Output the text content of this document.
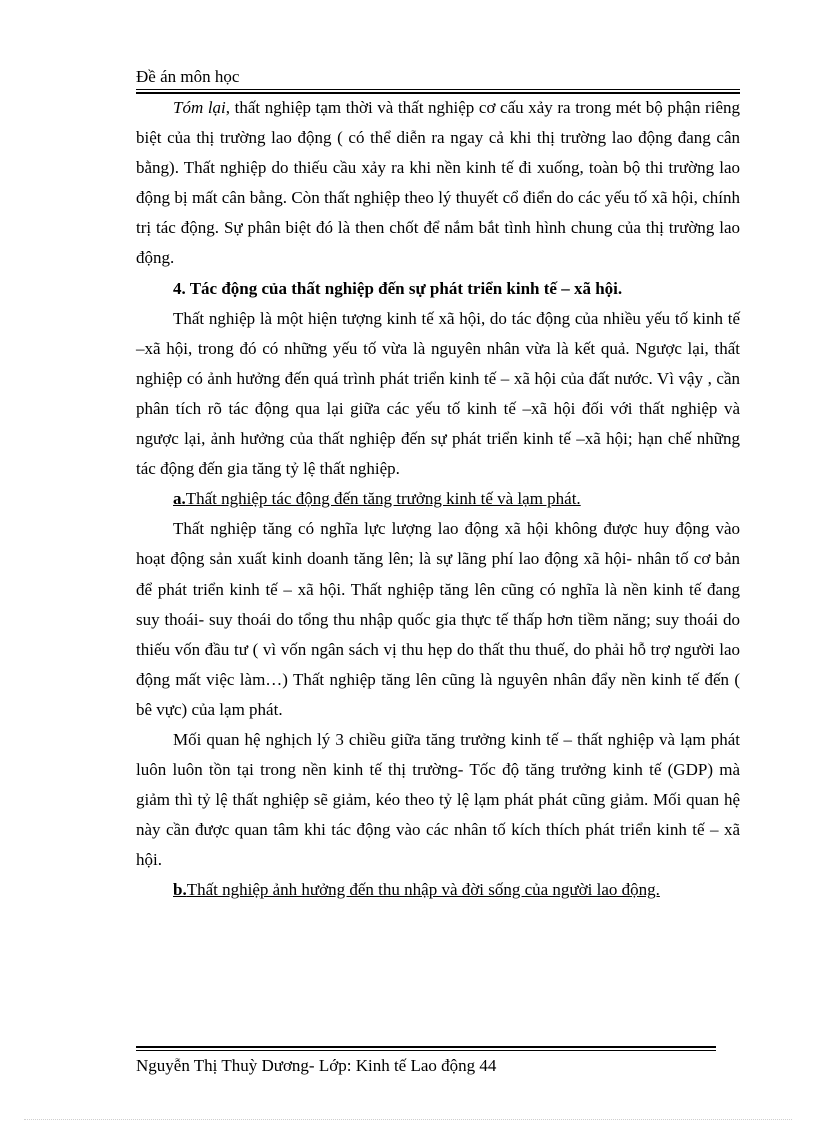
Đề án môn học

Tóm lại, thất nghiệp tạm thời và thất nghiệp cơ cấu xảy ra trong mét bộ phận riêng biệt của thị trường lao động ( có thể diễn ra ngay cả khi thị trường lao động đang cân bằng). Thất nghiệp do thiếu cầu xảy ra khi nền kinh tế đi xuống, toàn bộ thi trường lao động bị mất cân bằng. Còn thất nghiệp theo lý thuyết cổ điển do các yếu tố xã hội, chính trị tác động. Sự phân biệt đó là then chốt để nắm bắt tình hình chung của thị trường lao động.

4. Tác động của thất nghiệp đến sự phát triển kinh tế – xã hội.

Thất nghiệp là một hiện tượng kinh tế xã hội, do tác động của nhiều yếu tố kinh tế –xã hội, trong đó có những yếu tố vừa là nguyên nhân vừa là kết quả. Ngược lại, thất nghiệp có ảnh hưởng đến quá trình phát triển kinh tế – xã hội của đất nước. Vì vậy , cần phân tích rõ tác động qua lại giữa các yếu tố kinh tế –xã hội đối với thất nghiệp và ngược lại, ảnh hưởng của thất nghiệp đến sự phát triển kinh tế –xã hội; hạn chế những tác động đến gia tăng tỷ lệ thất nghiệp.

a.Thất nghiệp tác động đến tăng trưởng kinh tế và lạm phát.

Thất nghiệp tăng có nghĩa lực lượng lao động xã hội không được huy động vào hoạt động sản xuất kinh doanh tăng lên; là sự lãng phí lao động xã hội- nhân tố cơ bản để phát triển kinh tế – xã hội. Thất nghiệp tăng lên cũng có nghĩa là nền kinh tế đang suy thoái- suy thoái do tổng thu nhập quốc gia thực tế thấp hơn tiềm năng; suy thoái do thiếu vốn đầu tư ( vì vốn ngân sách vị thu hẹp do thất thu thuế, do phải hỗ trợ người lao động mất việc làm…) Thất nghiệp tăng lên cũng là nguyên nhân đẩy nền kinh tế đến ( bê vực) của lạm phát.

Mối quan hệ nghịch lý 3 chiều giữa tăng trưởng kinh tế – thất nghiệp và lạm phát luôn luôn tồn tại trong nền kinh tế thị trường- Tốc độ tăng trưởng kinh tế (GDP) mà giảm thì tỷ lệ thất nghiệp sẽ giảm, kéo theo tỷ lệ lạm phát phát cũng giảm. Mối quan hệ này cần được quan tâm khi tác động vào các nhân tố kích thích phát triển kinh tế – xã hội.

b.Thất nghiệp ảnh hưởng đến thu nhập và đời sống của người lao động.

Nguyễn Thị Thuỳ Dương- Lớp: Kinh tế Lao động 44
